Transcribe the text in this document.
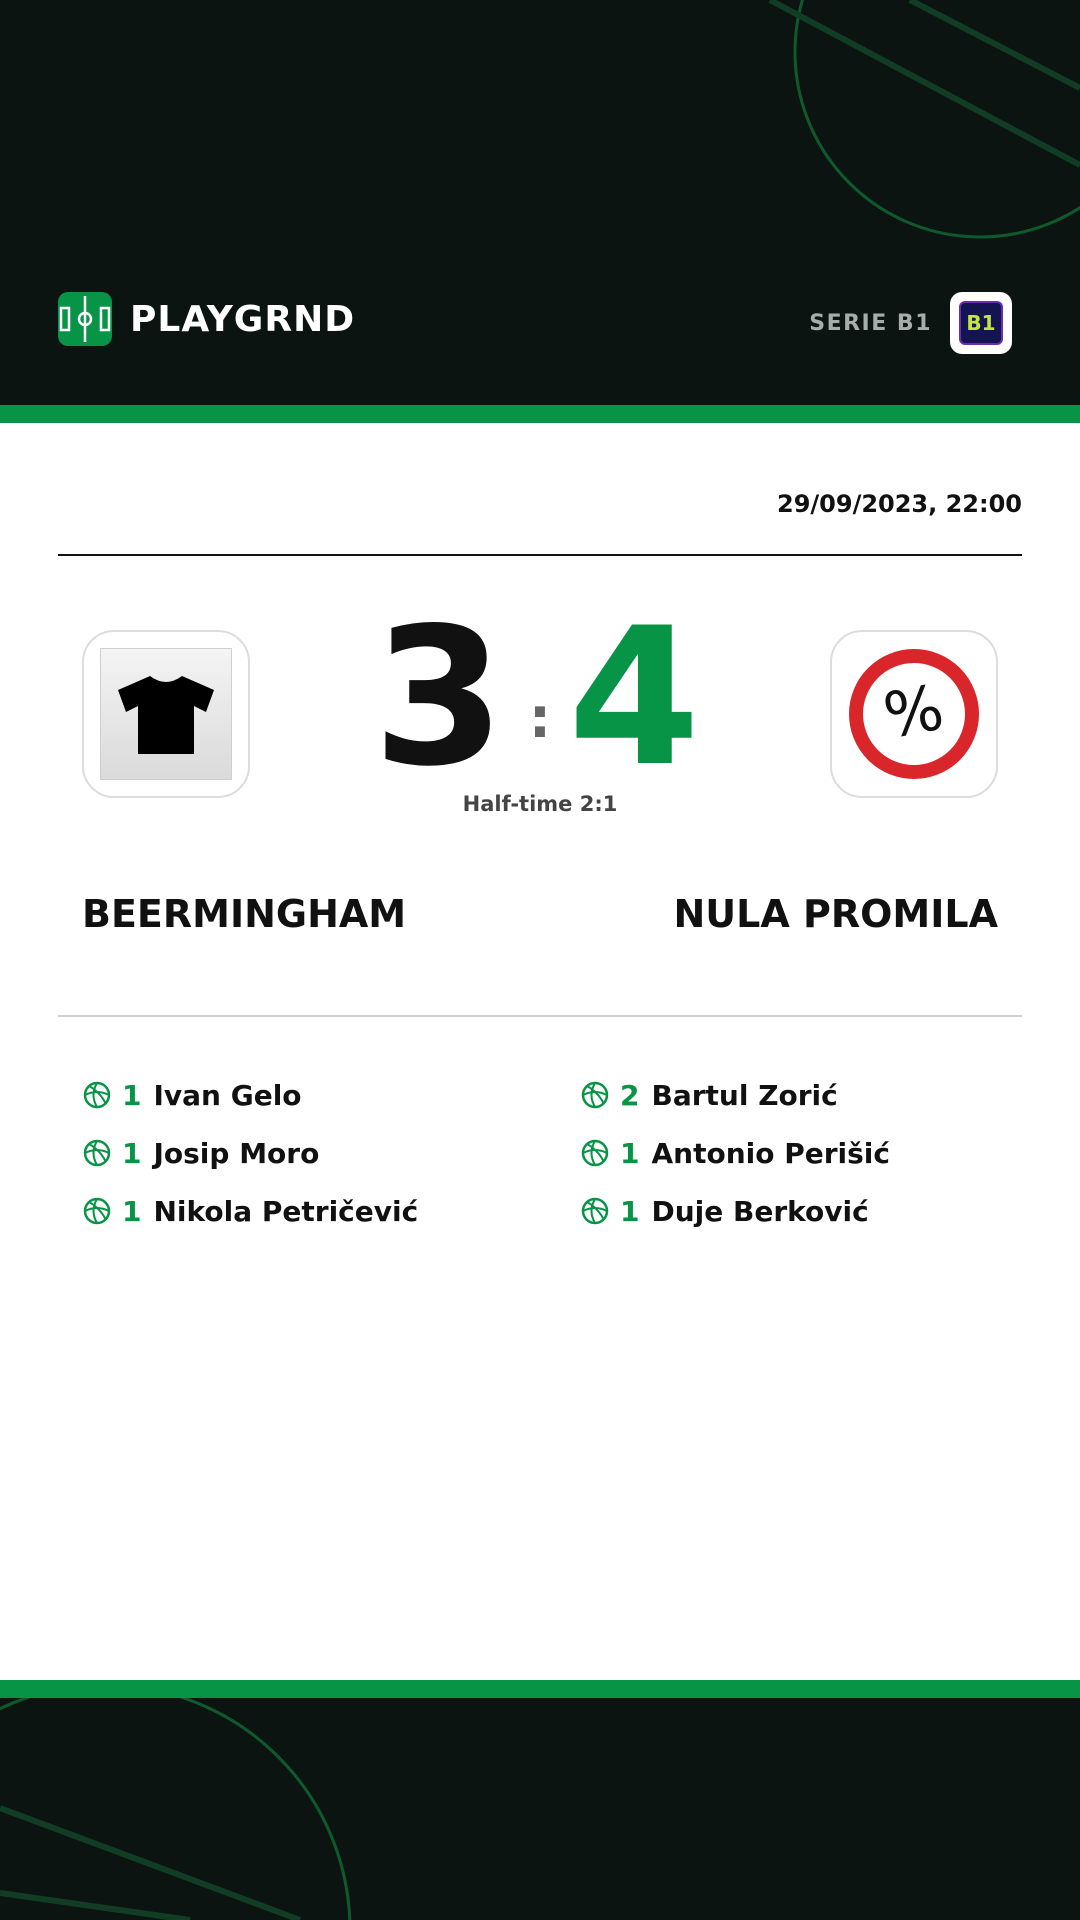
PLAYGRND	SERIE B1 B1
29/09/2023, 22:00
%
3 : 4
Half-time 2:1
BEERMINGHAM	NULA PROMILA
1 Ivan Gelo
1 Josip Moro
1 Nikola Petričević
2 Bartul Zorić
1 Antonio Perišić
1 Duje Berković
